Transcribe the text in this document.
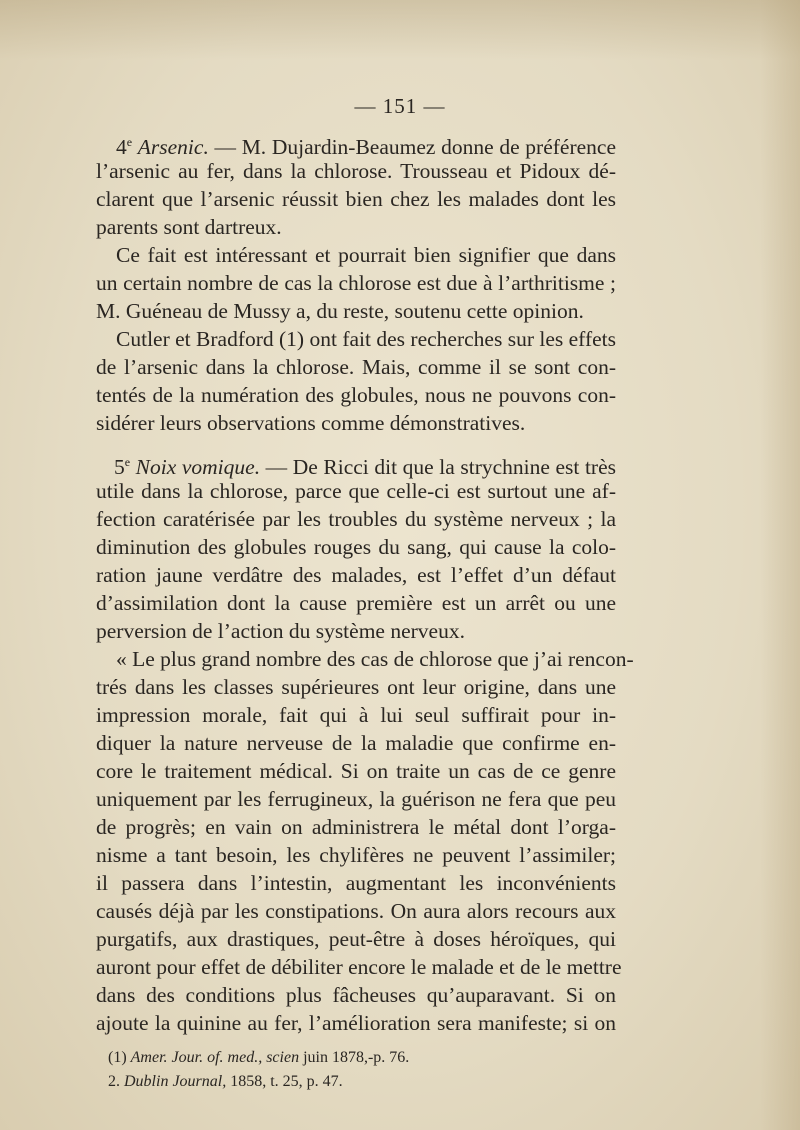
— 151 —
4e Arsenic. — M. Dujardin-Beaumez donne de préférence
l’arsenic au fer, dans la chlorose. Trousseau et Pidoux dé-
clarent que l’arsenic réussit bien chez les malades dont les
parents sont dartreux.
Ce fait est intéressant et pourrait bien signifier que dans
un certain nombre de cas la chlorose est due à l’arthritisme ;
M. Guéneau de Mussy a, du reste, soutenu cette opinion.
Cutler et Bradford (1) ont fait des recherches sur les effets
de l’arsenic dans la chlorose. Mais, comme il se sont con-
tentés de la numération des globules, nous ne pouvons con-
sidérer leurs observations comme démonstratives.
5e Noix vomique. — De Ricci dit que la strychnine est très
utile dans la chlorose, parce que celle-ci est surtout une af-
fection caratérisée par les troubles du système nerveux ; la
diminution des globules rouges du sang, qui cause la colo-
ration jaune verdâtre des malades, est l’effet d’un défaut
d’assimilation dont la cause première est un arrêt ou une
perversion de l’action du système nerveux.
« Le plus grand nombre des cas de chlorose que j’ai rencon-
trés dans les classes supérieures ont leur origine, dans une
impression morale, fait qui à lui seul suffirait pour in-
diquer la nature nerveuse de la maladie que confirme en-
core le traitement médical. Si on traite un cas de ce genre
uniquement par les ferrugineux, la guérison ne fera que peu
de progrès; en vain on administrera le métal dont l’orga-
nisme a tant besoin, les chylifères ne peuvent l’assimiler;
il passera dans l’intestin, augmentant les inconvénients
causés déjà par les constipations. On aura alors recours aux
purgatifs, aux drastiques, peut-être à doses héroïques, qui
auront pour effet de débiliter encore le malade et de le mettre
dans des conditions plus fâcheuses qu’auparavant. Si on
ajoute la quinine au fer, l’amélioration sera manifeste; si on
(1) Amer. Jour. of. med., scien juin 1878,-p. 76.
2. Dublin Journal, 1858, t. 25, p. 47.
